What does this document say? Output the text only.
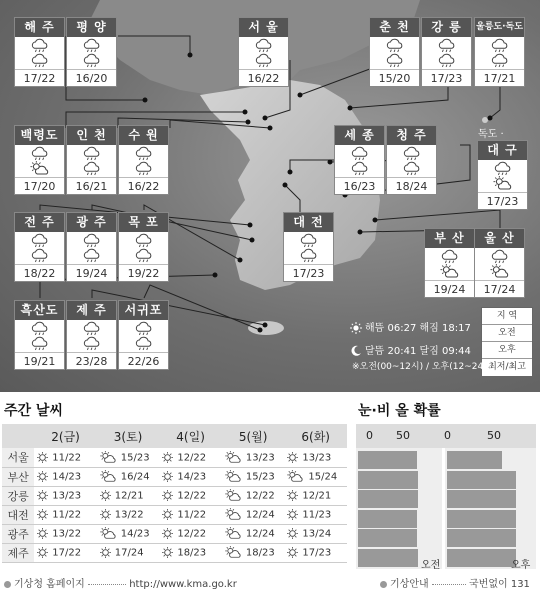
해 주
17/22
평 양
16/20
서 울
16/22
춘 천
15/20
강 릉
17/23
울릉도·독도
17/21
백령도
17/20
인 천
16/21
수 원
16/22
세 종
16/23
청 주
18/24
대 구
17/23
전 주
18/22
광 주
19/24
목 포
19/22
대 전
17/23
부 산
19/24
울 산
17/24
흑산도
19/21
제 주
23/28
서귀포
22/26
독도 ·
해뜸 06:27 해짐 18:17
달뜸 20:41 달짐 09:44
지 역
오전
오후
최저/최고
※오전(00~12시) / 오후(12~24시)
주간 날씨	눈·비 올 확률
	2(금)	3(토)	4(일)	5(월)	6(화)
서울	11/22	15/23	12/22	13/23	13/23
부산	14/23	16/24	14/23	15/23	15/24
강릉	13/23	12/21	12/22	12/22	12/21
대전	11/22	13/22	11/22	12/24	11/23
광주	13/22	14/23	12/22	12/24	13/24
제주	17/22	17/24	18/23	18/23	17/23
0 50	0	50
오전	오후
기상청 홈페이지	http://www.kma.go.kr	기상안내	국번없이 131
